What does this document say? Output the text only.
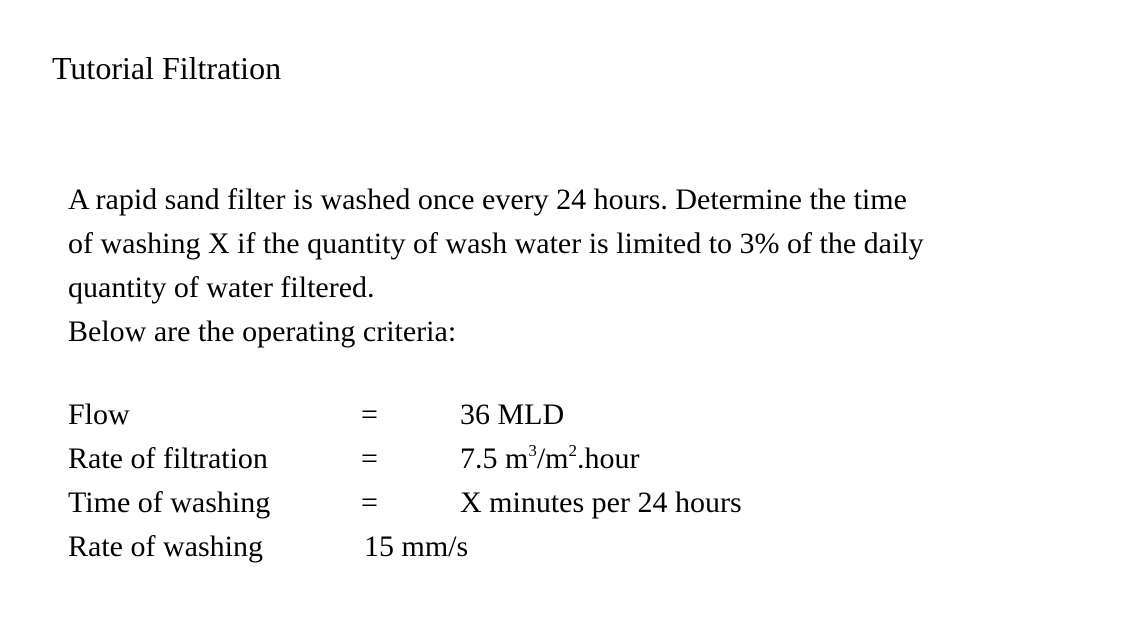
Tutorial Filtration
A rapid sand filter is washed once every 24 hours. Determine the time
of washing X if the quantity of wash water is limited to 3% of the daily
quantity of water filtered.
Below are the operating criteria:
Flow	=	36 MLD
Rate of filtration	=	7.5 $m^3/m^2.hour$
Time of washing	=	X minutes per 24 hours
Rate of washing	15 mm/s
